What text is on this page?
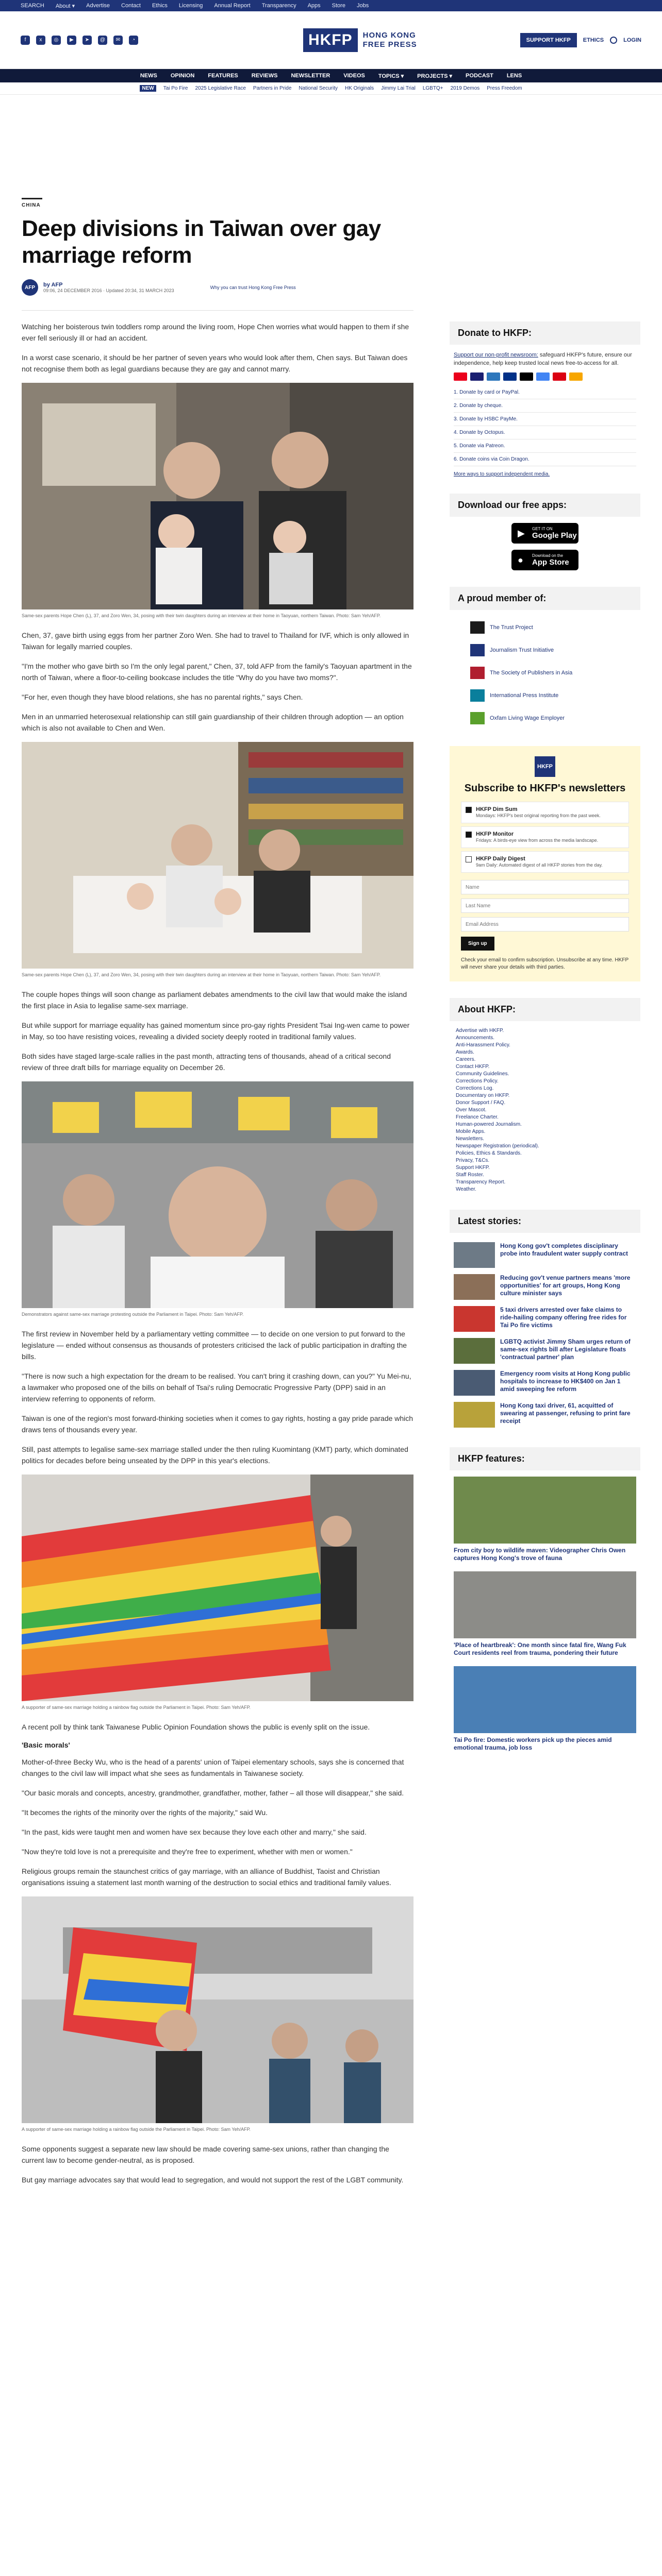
SEARCH About ▾ Advertise Contact Ethics Licensing Annual Report Transparency Apps Store Jobs
f	x	◎	▶	➤	@	✉	◔	HKFP	HONG KONG
FREE PRESS	SUPPORT HKFP	ETHICS	LOGIN
NEWS OPINION FEATURES REVIEWS NEWSLETTER VIDEOS TOPICS ▾ PROJECTS ▾ PODCAST LENS
NEW	Tai Po Fire 2025 Legislative Race Partners in Pride National Security HK Originals Jimmy Lai Trial LGBTQ+ 2019 Demos Press Freedom
CHINA
Deep divisions in Taiwan over gay marriage reform
AFP	by AFP
09:06, 24 DECEMBER 2016 · Updated 20:34, 31 MARCH 2023
Why you can trust Hong Kong Free Press

Watching her boisterous twin toddlers romp around the living room, Hope Chen worries what would happen to them if she ever fell seriously ill or had an accident.

In a worst case scenario, it should be her partner of seven years who would look after them, Chen says. But Taiwan does not recognise them both as legal guardians because they are gay and cannot marry.

Same-sex parents Hope Chen (L), 37, and Zoro Wen, 34, posing with their twin daughters during an interview at their home in Taoyuan, northern Taiwan. Photo: Sam Yeh/AFP.

Chen, 37, gave birth using eggs from her partner Zoro Wen. She had to travel to Thailand for IVF, which is only allowed in Taiwan for legally married couples.

"I'm the mother who gave birth so I'm the only legal parent," Chen, 37, told AFP from the family's Taoyuan apartment in the north of Taiwan, where a floor-to-ceiling bookcase includes the title "Why do you have two moms?".

"For her, even though they have blood relations, she has no parental rights," says Chen.

Men in an unmarried heterosexual relationship can still gain guardianship of their children through adoption — an option which is also not available to Chen and Wen.

Same-sex parents Hope Chen (L), 37, and Zoro Wen, 34, posing with their twin daughters during an interview at their home in Taoyuan, northern Taiwan. Photo: Sam Yeh/AFP.

The couple hopes things will soon change as parliament debates amendments to the civil law that would make the island the first place in Asia to legalise same-sex marriage.

But while support for marriage equality has gained momentum since pro-gay rights President Tsai Ing-wen came to power in May, so too have resisting voices, revealing a divided society deeply rooted in traditional family values.

Both sides have staged large-scale rallies in the past month, attracting tens of thousands, ahead of a critical second review of three draft bills for marriage equality on December 26.

Demonstrators against same-sex marriage protesting outside the Parliament in Taipei. Photo: Sam Yeh/AFP.

The first review in November held by a parliamentary vetting committee — to decide on one version to put forward to the legislature — ended without consensus as thousands of protesters criticised the lack of public participation in drafting the bills.

"There is now such a high expectation for the dream to be realised. You can't bring it crashing down, can you?" Yu Mei-nu, a lawmaker who proposed one of the bills on behalf of Tsai's ruling Democratic Progressive Party (DPP) said in an interview referring to opponents of reform.

Taiwan is one of the region's most forward-thinking societies when it comes to gay rights, hosting a gay pride parade which draws tens of thousands every year.

Still, past attempts to legalise same-sex marriage stalled under the then ruling Kuomintang (KMT) party, which dominated politics for decades before being unseated by the DPP in this year's elections.

A supporter of same-sex marriage holding a rainbow flag outside the Parliament in Taipei. Photo: Sam Yeh/AFP.

A recent poll by think tank Taiwanese Public Opinion Foundation shows the public is evenly split on the issue.

'Basic morals'

Mother-of-three Becky Wu, who is the head of a parents' union of Taipei elementary schools, says she is concerned that changes to the civil law will impact what she sees as fundamentals in Taiwanese society.

"Our basic morals and concepts, ancestry, grandmother, grandfather, mother, father – all those will disappear," she said.

"It becomes the rights of the minority over the rights of the majority," said Wu.

"In the past, kids were taught men and women have sex because they love each other and marry," she said.

"Now they're told love is not a prerequisite and they're free to experiment, whether with men or women."

Religious groups remain the staunchest critics of gay marriage, with an alliance of Buddhist, Taoist and Christian organisations issuing a statement last month warning of the destruction to social ethics and traditional family values.

A supporter of same-sex marriage holding a rainbow flag outside the Parliament in Taipei. Photo: Sam Yeh/AFP.

Some opponents suggest a separate new law should be made covering same-sex unions, rather than changing the current law to become gender-neutral, as is proposed.

But gay marriage advocates say that would lead to segregation, and would not support the rest of the LGBT community.

Donate to HKFP:
Support our non-profit newsroom: safeguard HKFP's future, ensure our independence, help keep trusted local news free-to-access for all.
1. Donate by card or PayPal.
2. Donate by cheque.
3. Donate by HSBC PayMe.
4. Donate by Octopus.
5. Donate via Patreon.
6. Donate coins via Coin Dragon.
More ways to support independent media.
Download our free apps:
▶ GET IT ON
Google Play
● Download on the
App Store
A proud member of:
The Trust Project
Journalism Trust Initiative
The Society of Publishers in Asia
International Press Institute
Oxfam Living Wage Employer
HKFP
Subscribe to HKFP's newsletters
HKFP Dim Sum
Mondays: HKFP's best original reporting from the past week.
HKFP Monitor
Fridays: A birds-eye view from across the media landscape.
HKFP Daily Digest
9am Daily: Automated digest of all HKFP stories from the day.
Name Last Name Email Address Sign up
Check your email to confirm subscription. Unsubscribe at any time. HKFP will never share your details with third parties.
About HKFP:
Advertise with HKFP.
Announcements.
Anti-Harassment Policy.
Awards.
Careers.
Contact HKFP.
Community Guidelines.
Corrections Policy.
Corrections Log.
Documentary on HKFP.
Donor Support / FAQ.
Over Mascot.
Freelance Charter.
Human-powered Journalism.
Mobile Apps.
Newsletters.
Newspaper Registration (periodical).
Policies, Ethics & Standards.
Privacy, T&Cs.
Support HKFP.
Staff Roster.
Transparency Report.
Weather.
Latest stories:
Hong Kong gov't completes disciplinary probe into fraudulent water supply contract
Reducing gov't venue partners means 'more opportunities' for art groups, Hong Kong culture minister says
5 taxi drivers arrested over fake claims to ride-hailing company offering free rides for Tai Po fire victims
LGBTQ activist Jimmy Sham urges return of same-sex rights bill after Legislature floats 'contractual partner' plan
Emergency room visits at Hong Kong public hospitals to increase to HK$400 on Jan 1 amid sweeping fee reform
Hong Kong taxi driver, 61, acquitted of swearing at passenger, refusing to print fare receipt
HKFP features:
From city boy to wildlife maven: Videographer Chris Owen captures Hong Kong's trove of fauna
'Place of heartbreak': One month since fatal fire, Wang Fuk Court residents reel from trauma, pondering their future
Tai Po fire: Domestic workers pick up the pieces amid emotional trauma, job loss
